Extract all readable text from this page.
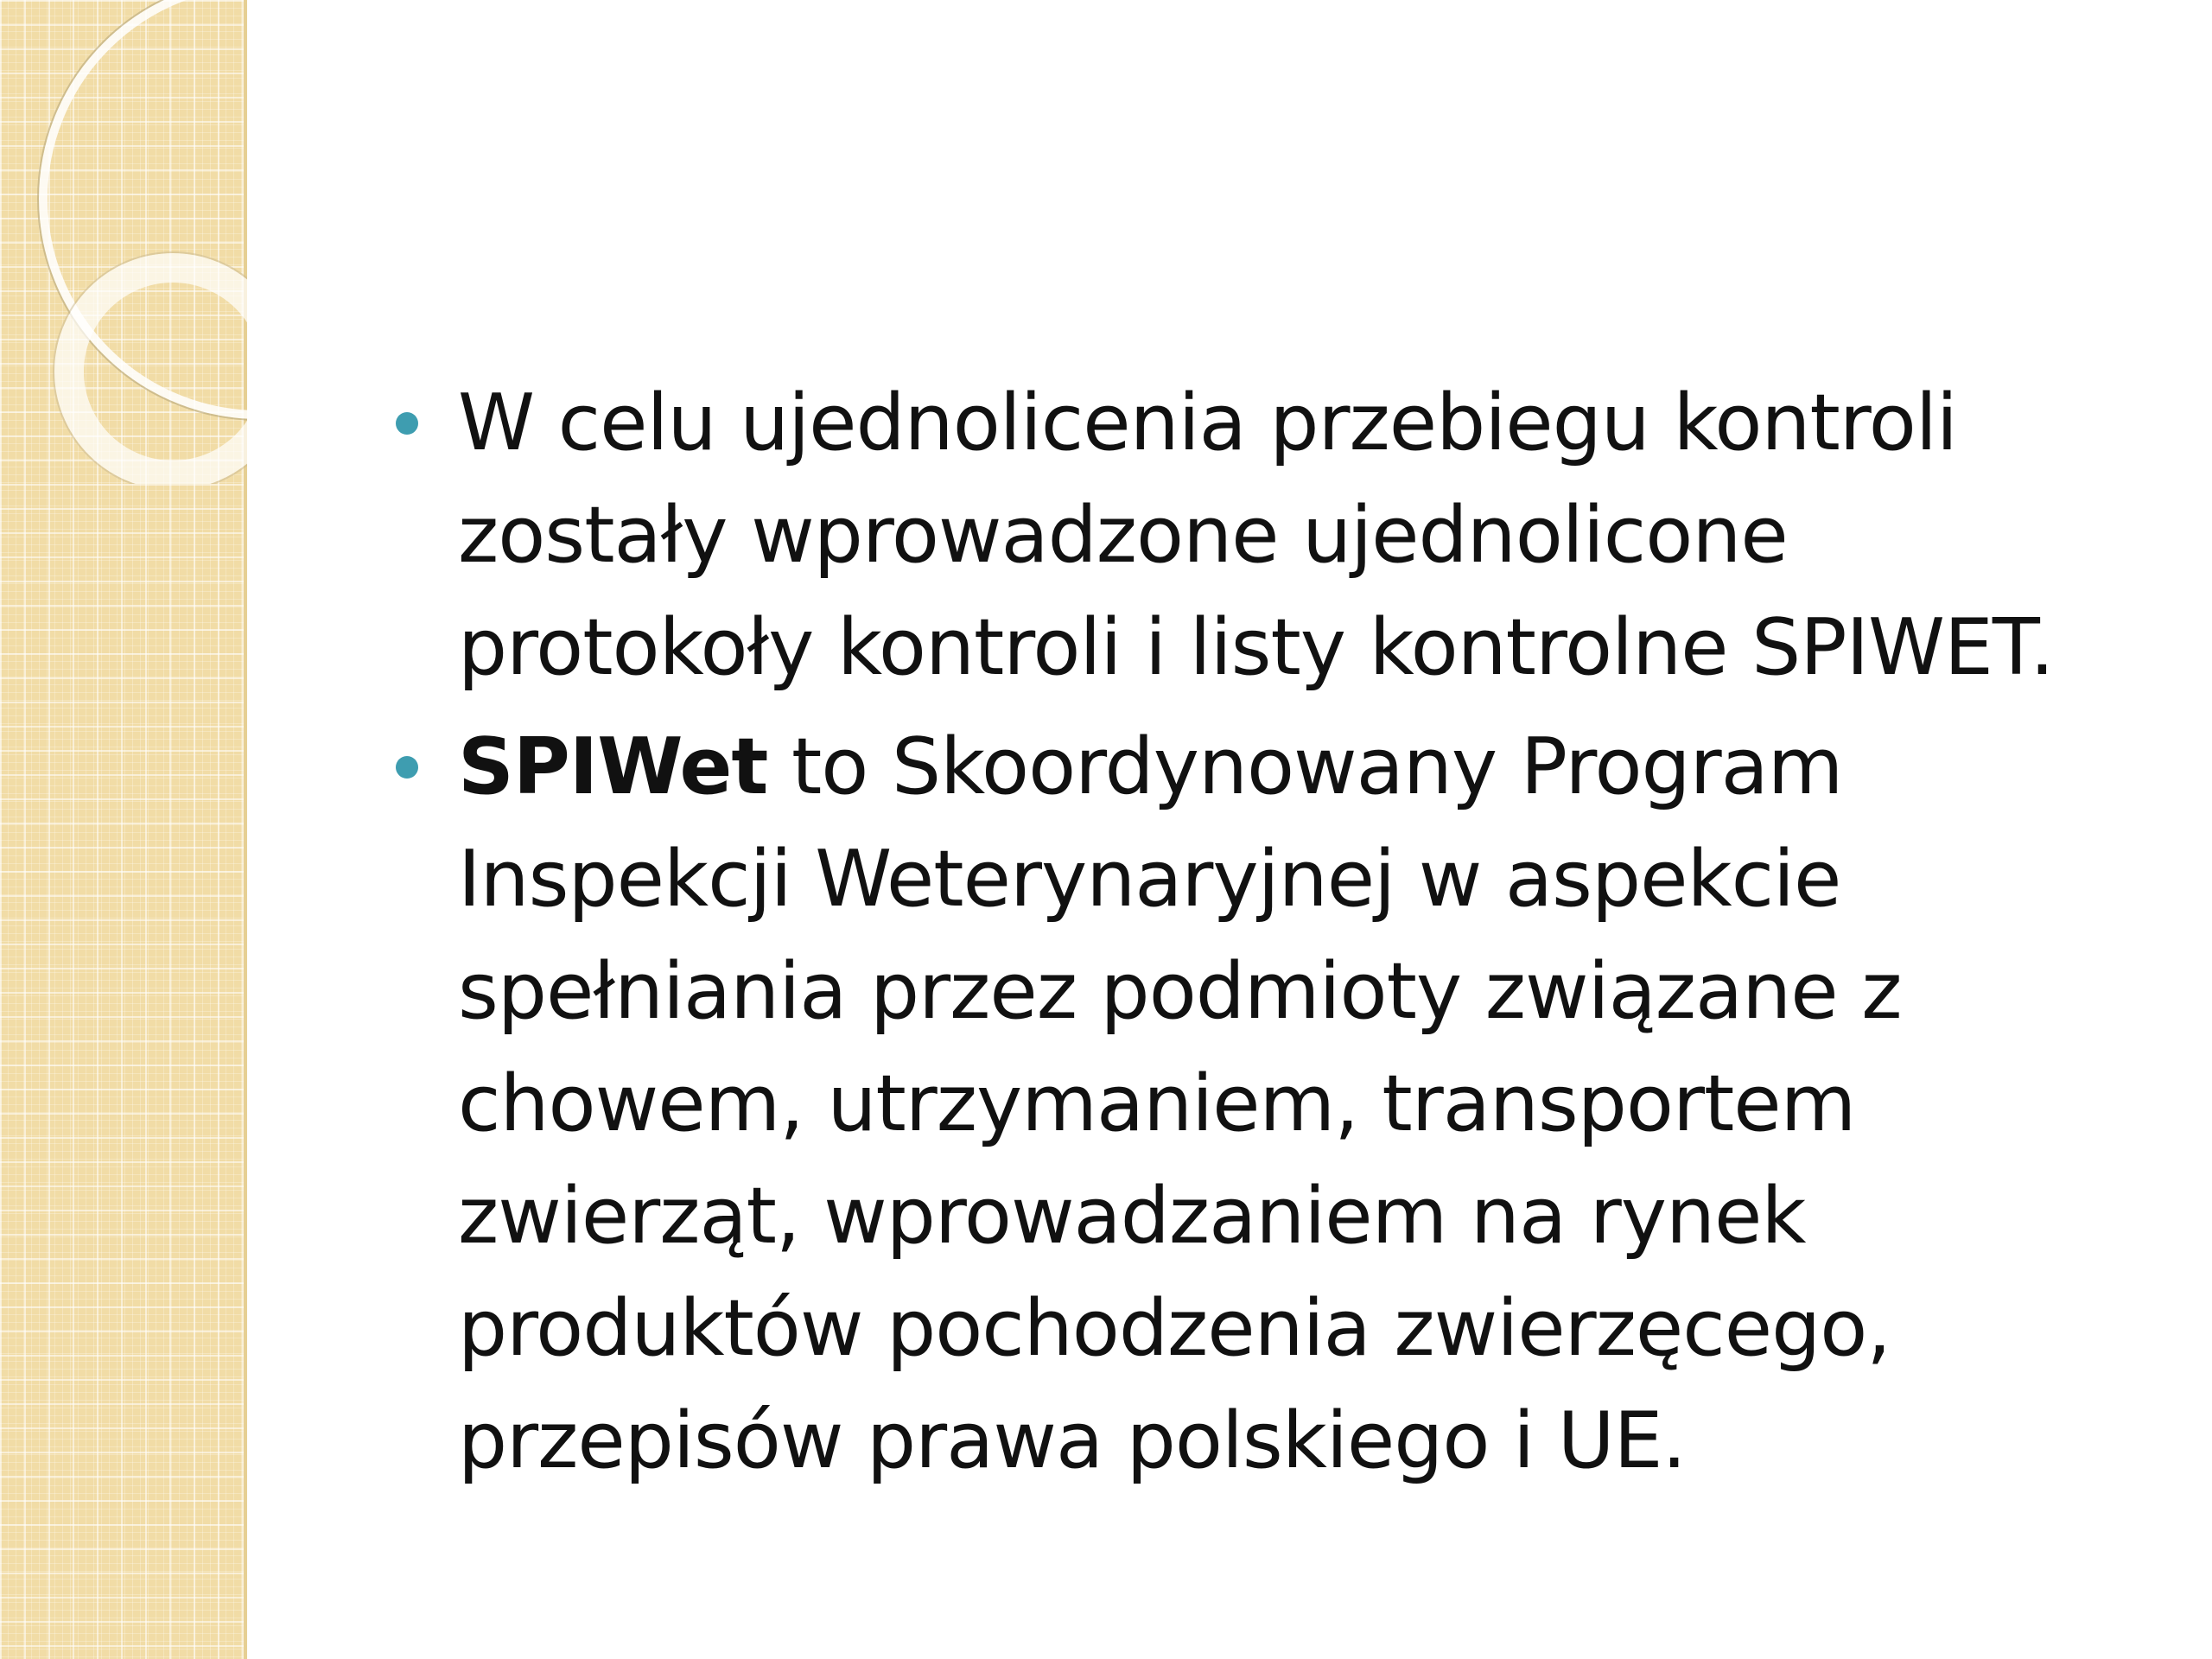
W celu ujednolicenia przebiegu kontroli
zostały wprowadzone ujednolicone
protokoły kontroli i listy kontrolne SPIWET.
SPIWet to Skoordynowany Program
Inspekcji Weterynaryjnej w aspekcie
spełniania przez podmioty związane z
chowem, utrzymaniem, transportem
zwierząt, wprowadzaniem na rynek
produktów pochodzenia zwierzęcego,
przepisów prawa polskiego i UE.
